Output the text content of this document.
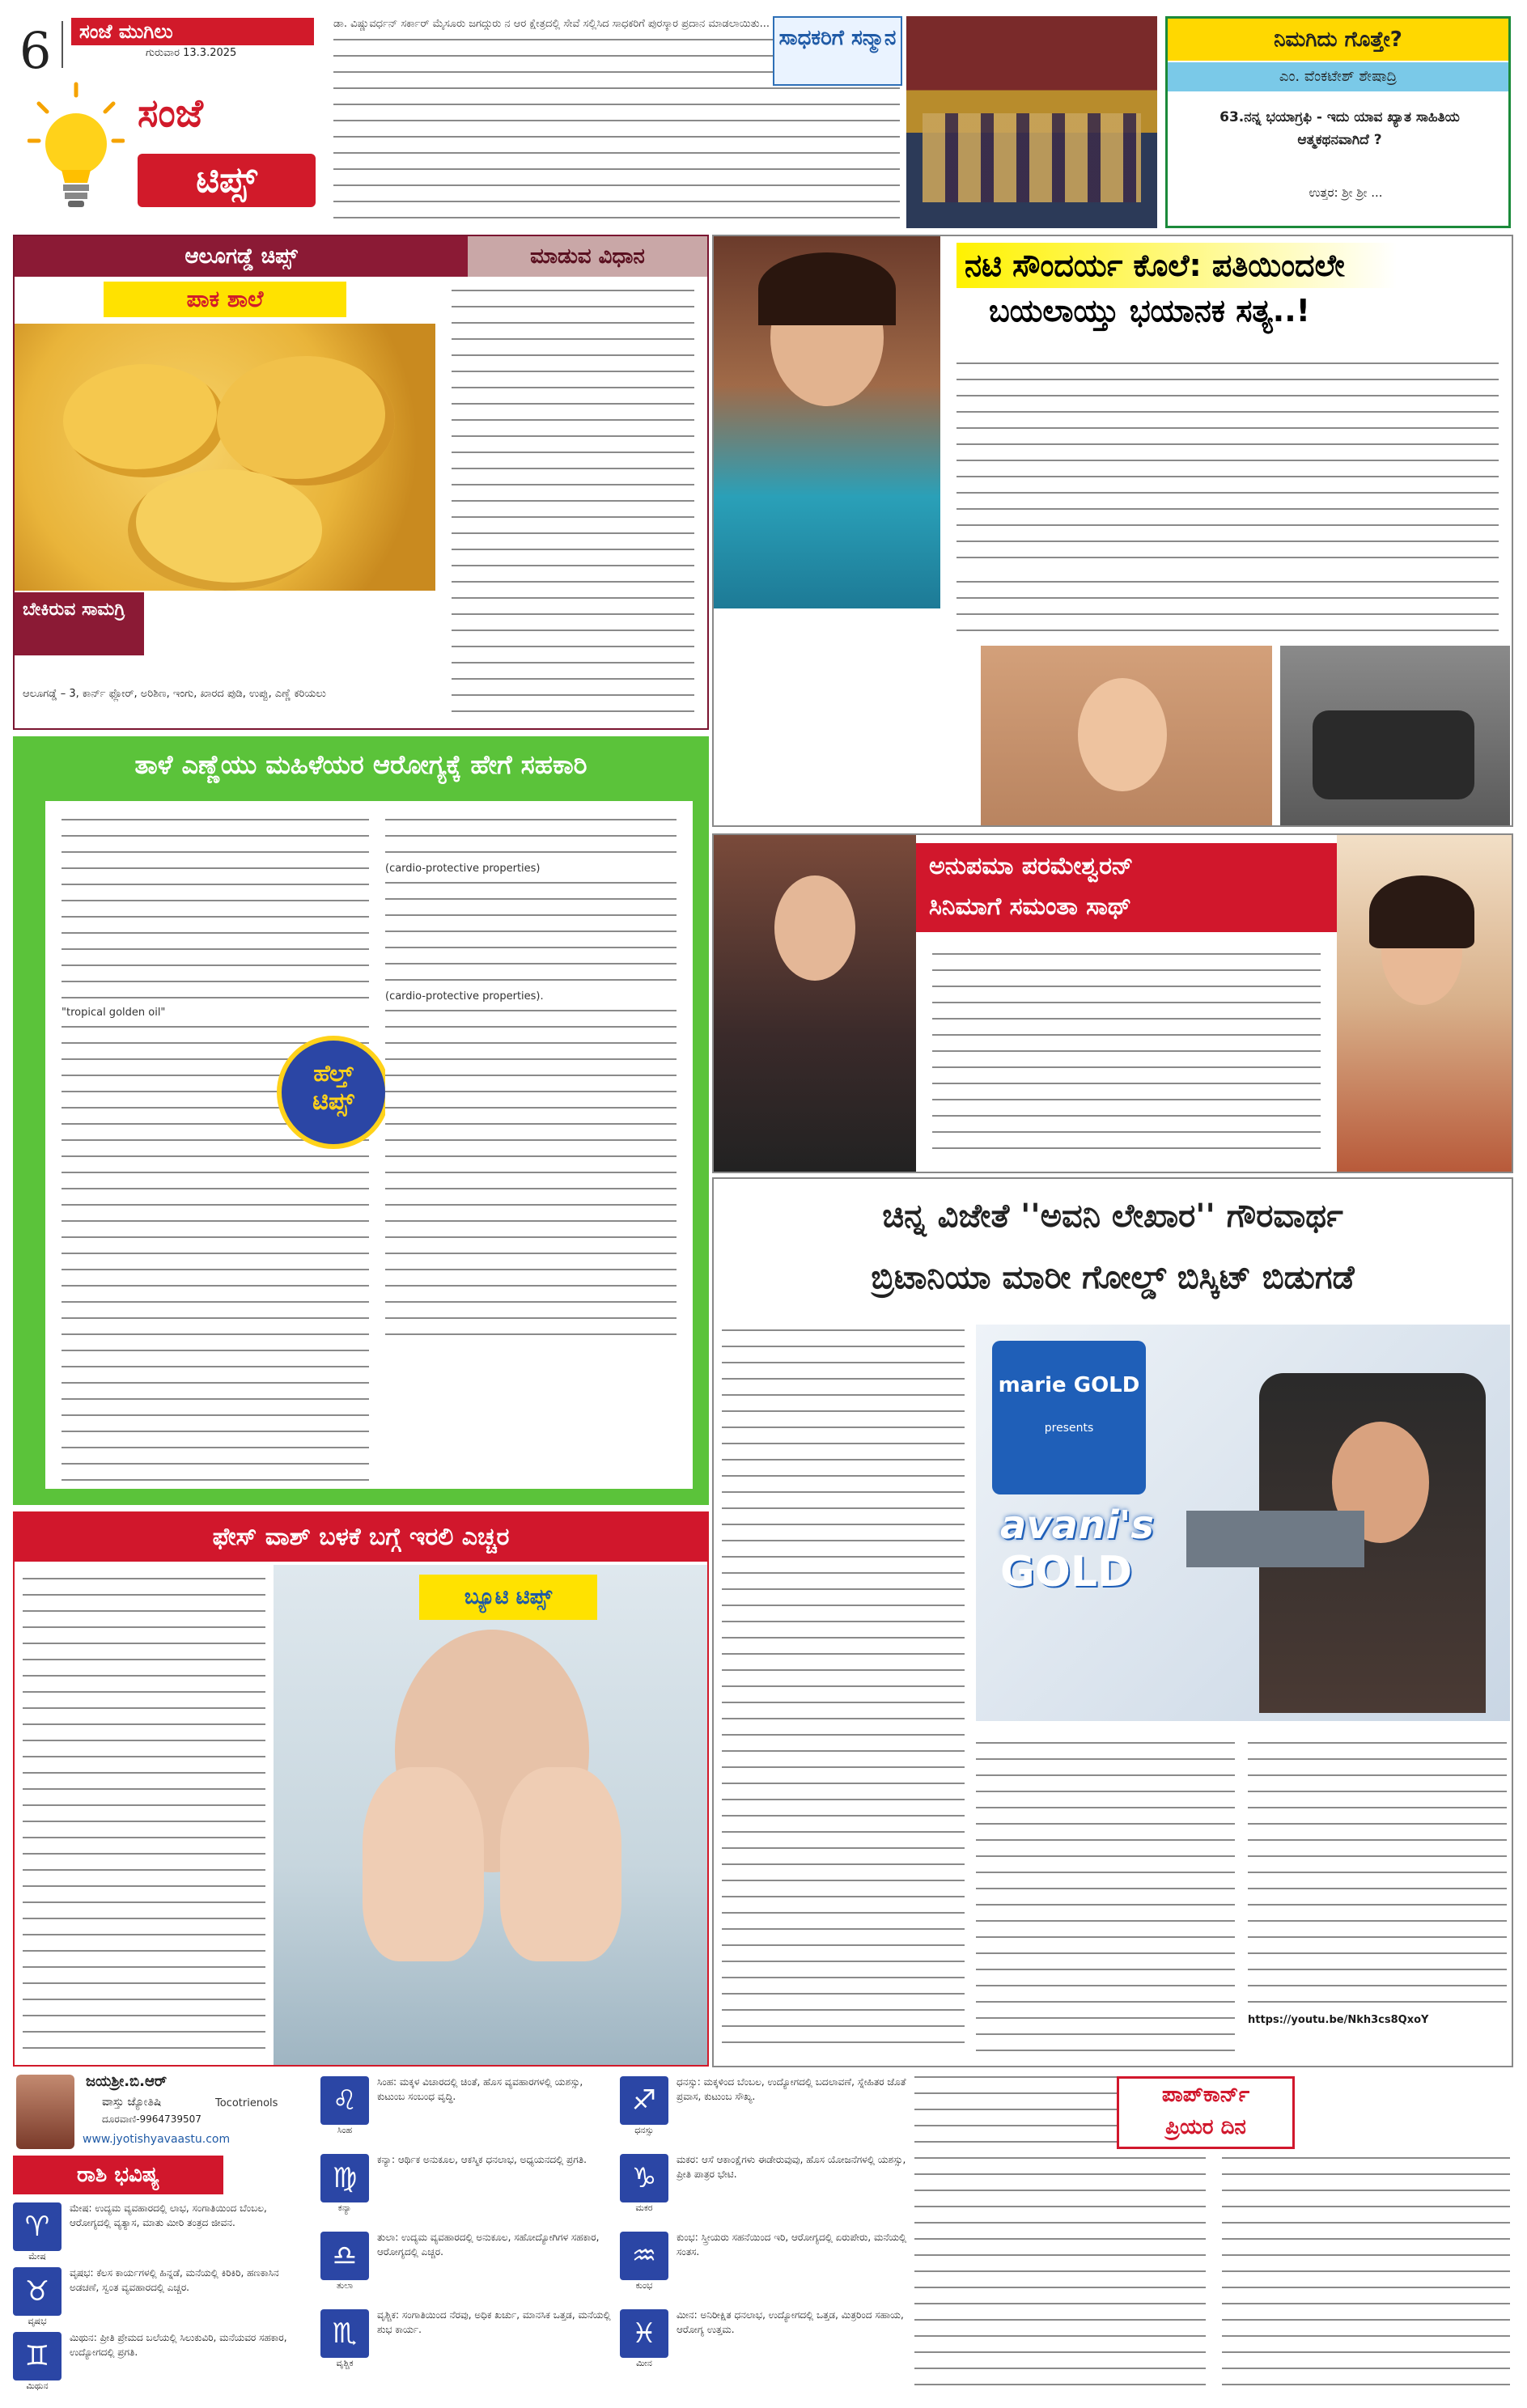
6	ಸಂಜೆ ಮುಗಿಲು
ಗುರುವಾರ 13.3.2025
ಸಂಜೆ
ಟಿಪ್ಸ್
ಡಾ. ವಿಷ್ಣುವರ್ಧನ್ ಸರ್ಕಾರ್ ಮೈಸೂರು ಜಗದ್ಗುರು ನ ಆರ ಕ್ಷೇತ್ರದಲ್ಲಿ ಸೇವೆ ಸಲ್ಲಿಸಿದ ಸಾಧಕರಿಗೆ ಪುರಸ್ಕಾರ ಪ್ರದಾನ ಮಾಡಲಾಯಿತು...
ಸಾಧಕರಿಗೆ ಸನ್ಮಾನ	ನಿಮಗಿದು ಗೊತ್ತೇ?
ಎಂ. ವೆಂಕಟೇಶ್ ಶೇಷಾದ್ರಿ
63.ನನ್ನ ಭಯಾಗ್ರಫಿ - ಇದು ಯಾವ ಖ್ಯಾತ ಸಾಹಿತಿಯ ಆತ್ಮಕಥನವಾಗಿದೆ ?
ಉತ್ತರ: ಶ್ರೀ ಶ್ರೀ ...
ಆಲೂಗಡ್ಡೆ ಚಿಪ್ಸ್	ಮಾಡುವ ವಿಧಾನ
ಪಾಕ ಶಾಲೆ
ಬೇಕಿರುವ ಸಾಮಗ್ರಿ
ಆಲೂಗಡ್ಡೆ – 3, ಕಾರ್ನ್ ಫ್ಲೋರ್, ಅರಿಶಿಣ, ಇಂಗು, ಖಾರದ ಪುಡಿ, ಉಪ್ಪು, ಎಣ್ಣೆ ಕರಿಯಲು
ನಟಿ ಸೌಂದರ್ಯ ಕೊಲೆ: ಪತಿಯಿಂದಲೇ
ಬಯಲಾಯ್ತು ಭಯಾನಕ ಸತ್ಯ..!
ತಾಳೆ ಎಣ್ಣೆಯು ಮಹಿಳೆಯರ ಆರೋಗ್ಯಕ್ಕೆ ಹೇಗೆ ಸಹಕಾರಿ
"tropical golden oil"
ಹೆಲ್ತ್
ಟಿಪ್ಸ್
(cardio-protective properties)
(cardio-protective properties).
Tocotrienols
ಅನುಪಮಾ ಪರಮೇಶ್ವರನ್
ಸಿನಿಮಾಗೆ ಸಮಂತಾ ಸಾಥ್
ಚಿನ್ನ ವಿಜೇತೆ ''ಅವನಿ ಲೇಖಾರ'' ಗೌರವಾರ್ಥ
ಬ್ರಿಟಾನಿಯಾ ಮಾರೀ ಗೋಲ್ಡ್ ಬಿಸ್ಕಿಟ್ ಬಿಡುಗಡೆ
marie GOLD
presents
avani's
GOLD
https://youtu.be/Nkh3cs8QxoY
ಫೇಸ್ ವಾಶ್ ಬಳಕೆ ಬಗ್ಗೆ ಇರಲಿ ಎಚ್ಚರ
ಬ್ಯೂಟಿ ಟಿಪ್ಸ್
ಜಯಶ್ರೀ.ಬಿ.ಆರ್
ವಾಸ್ತು ಜ್ಯೋತಿಷಿ
ದೂರವಾಣಿ-9964739507
www.jyotishyavaastu.com
ರಾಶಿ ಭವಿಷ್ಯ
♈
ಮೇಷ
ಮೇಷ: ಉದ್ಯಮ ವ್ಯವಹಾರದಲ್ಲಿ ಲಾಭ, ಸಂಗಾತಿಯಿಂದ ಬೆಂಬಲ, ಆರೋಗ್ಯದಲ್ಲಿ ವ್ಯತ್ಯಾಸ, ಮಾತು ಮೀರಿ ತಂತ್ರದ ಜೀವನ.
♉
ವೃಷಭ
ವೃಷಭ: ಕೆಲಸ ಕಾರ್ಯಗಳಲ್ಲಿ ಹಿನ್ನಡೆ, ಮನೆಯಲ್ಲಿ ಕಿರಿಕಿರಿ, ಹಣಕಾಸಿನ ಅಡಚಣೆ, ಸ್ವಂತ ವ್ಯವಹಾರದಲ್ಲಿ ಎಚ್ಚರ.
♊
ಮಿಥುನ
ಮಿಥುನ: ಪ್ರೀತಿ ಪ್ರೇಮದ ಬಲೆಯಲ್ಲಿ ಸಿಲುಕುವಿರಿ, ಮನೆಯವರ ಸಹಕಾರ, ಉದ್ಯೋಗದಲ್ಲಿ ಪ್ರಗತಿ.
♌
ಸಿಂಹ
ಸಿಂಹ: ಮಕ್ಕಳ ವಿಚಾರದಲ್ಲಿ ಚಿಂತೆ, ಹೊಸ ವ್ಯವಹಾರಗಳಲ್ಲಿ ಯಶಸ್ಸು, ಕುಟುಂಬ ಸಂಬಂಧ ವೃದ್ಧಿ.
♍
ಕನ್ಯಾ
ಕನ್ಯಾ: ಆರ್ಥಿಕ ಅನುಕೂಲ, ಆಕಸ್ಮಿಕ ಧನಲಾಭ, ಅಧ್ಯಯನದಲ್ಲಿ ಪ್ರಗತಿ.
♎
ತುಲಾ
ತುಲಾ: ಉದ್ಯಮ ವ್ಯವಹಾರದಲ್ಲಿ ಅನುಕೂಲ, ಸಹೋದ್ಯೋಗಿಗಳ ಸಹಕಾರ, ಆರೋಗ್ಯದಲ್ಲಿ ಎಚ್ಚರ.
♏
ವೃಶ್ಚಿಕ
ವೃಶ್ಚಿಕ: ಸಂಗಾತಿಯಿಂದ ನೆರವು, ಅಧಿಕ ಖರ್ಚು, ಮಾನಸಿಕ ಒತ್ತಡ, ಮನೆಯಲ್ಲಿ ಶುಭ ಕಾರ್ಯ.
♐
ಧನಸ್ಸು
ಧನಸ್ಸು: ಮಕ್ಕಳಿಂದ ಬೆಂಬಲ, ಉದ್ಯೋಗದಲ್ಲಿ ಬದಲಾವಣೆ, ಸ್ನೇಹಿತರ ಜೊತೆ ಪ್ರವಾಸ, ಕುಟುಂಬ ಸೌಖ್ಯ.
♑
ಮಕರ
ಮಕರ: ಆಸೆ ಆಕಾಂಕ್ಷೆಗಳು ಈಡೇರುವುವು, ಹೊಸ ಯೋಜನೆಗಳಲ್ಲಿ ಯಶಸ್ಸು, ಪ್ರೀತಿ ಪಾತ್ರರ ಭೇಟಿ.
♒
ಕುಂಭ
ಕುಂಭ: ಸ್ತ್ರೀಯರು ಸಹನೆಯಿಂದ ಇರಿ, ಆರೋಗ್ಯದಲ್ಲಿ ಏರುಪೇರು, ಮನೆಯಲ್ಲಿ ಸಂತಸ.
♓
ಮೀನ
ಮೀನ: ಅನಿರೀಕ್ಷಿತ ಧನಲಾಭ, ಉದ್ಯೋಗದಲ್ಲಿ ಒತ್ತಡ, ಮಿತ್ರರಿಂದ ಸಹಾಯ, ಆರೋಗ್ಯ ಉತ್ತಮ.
ಪಾಪ್‌ಕಾರ್ನ್
ಪ್ರಿಯರ ದಿನ
